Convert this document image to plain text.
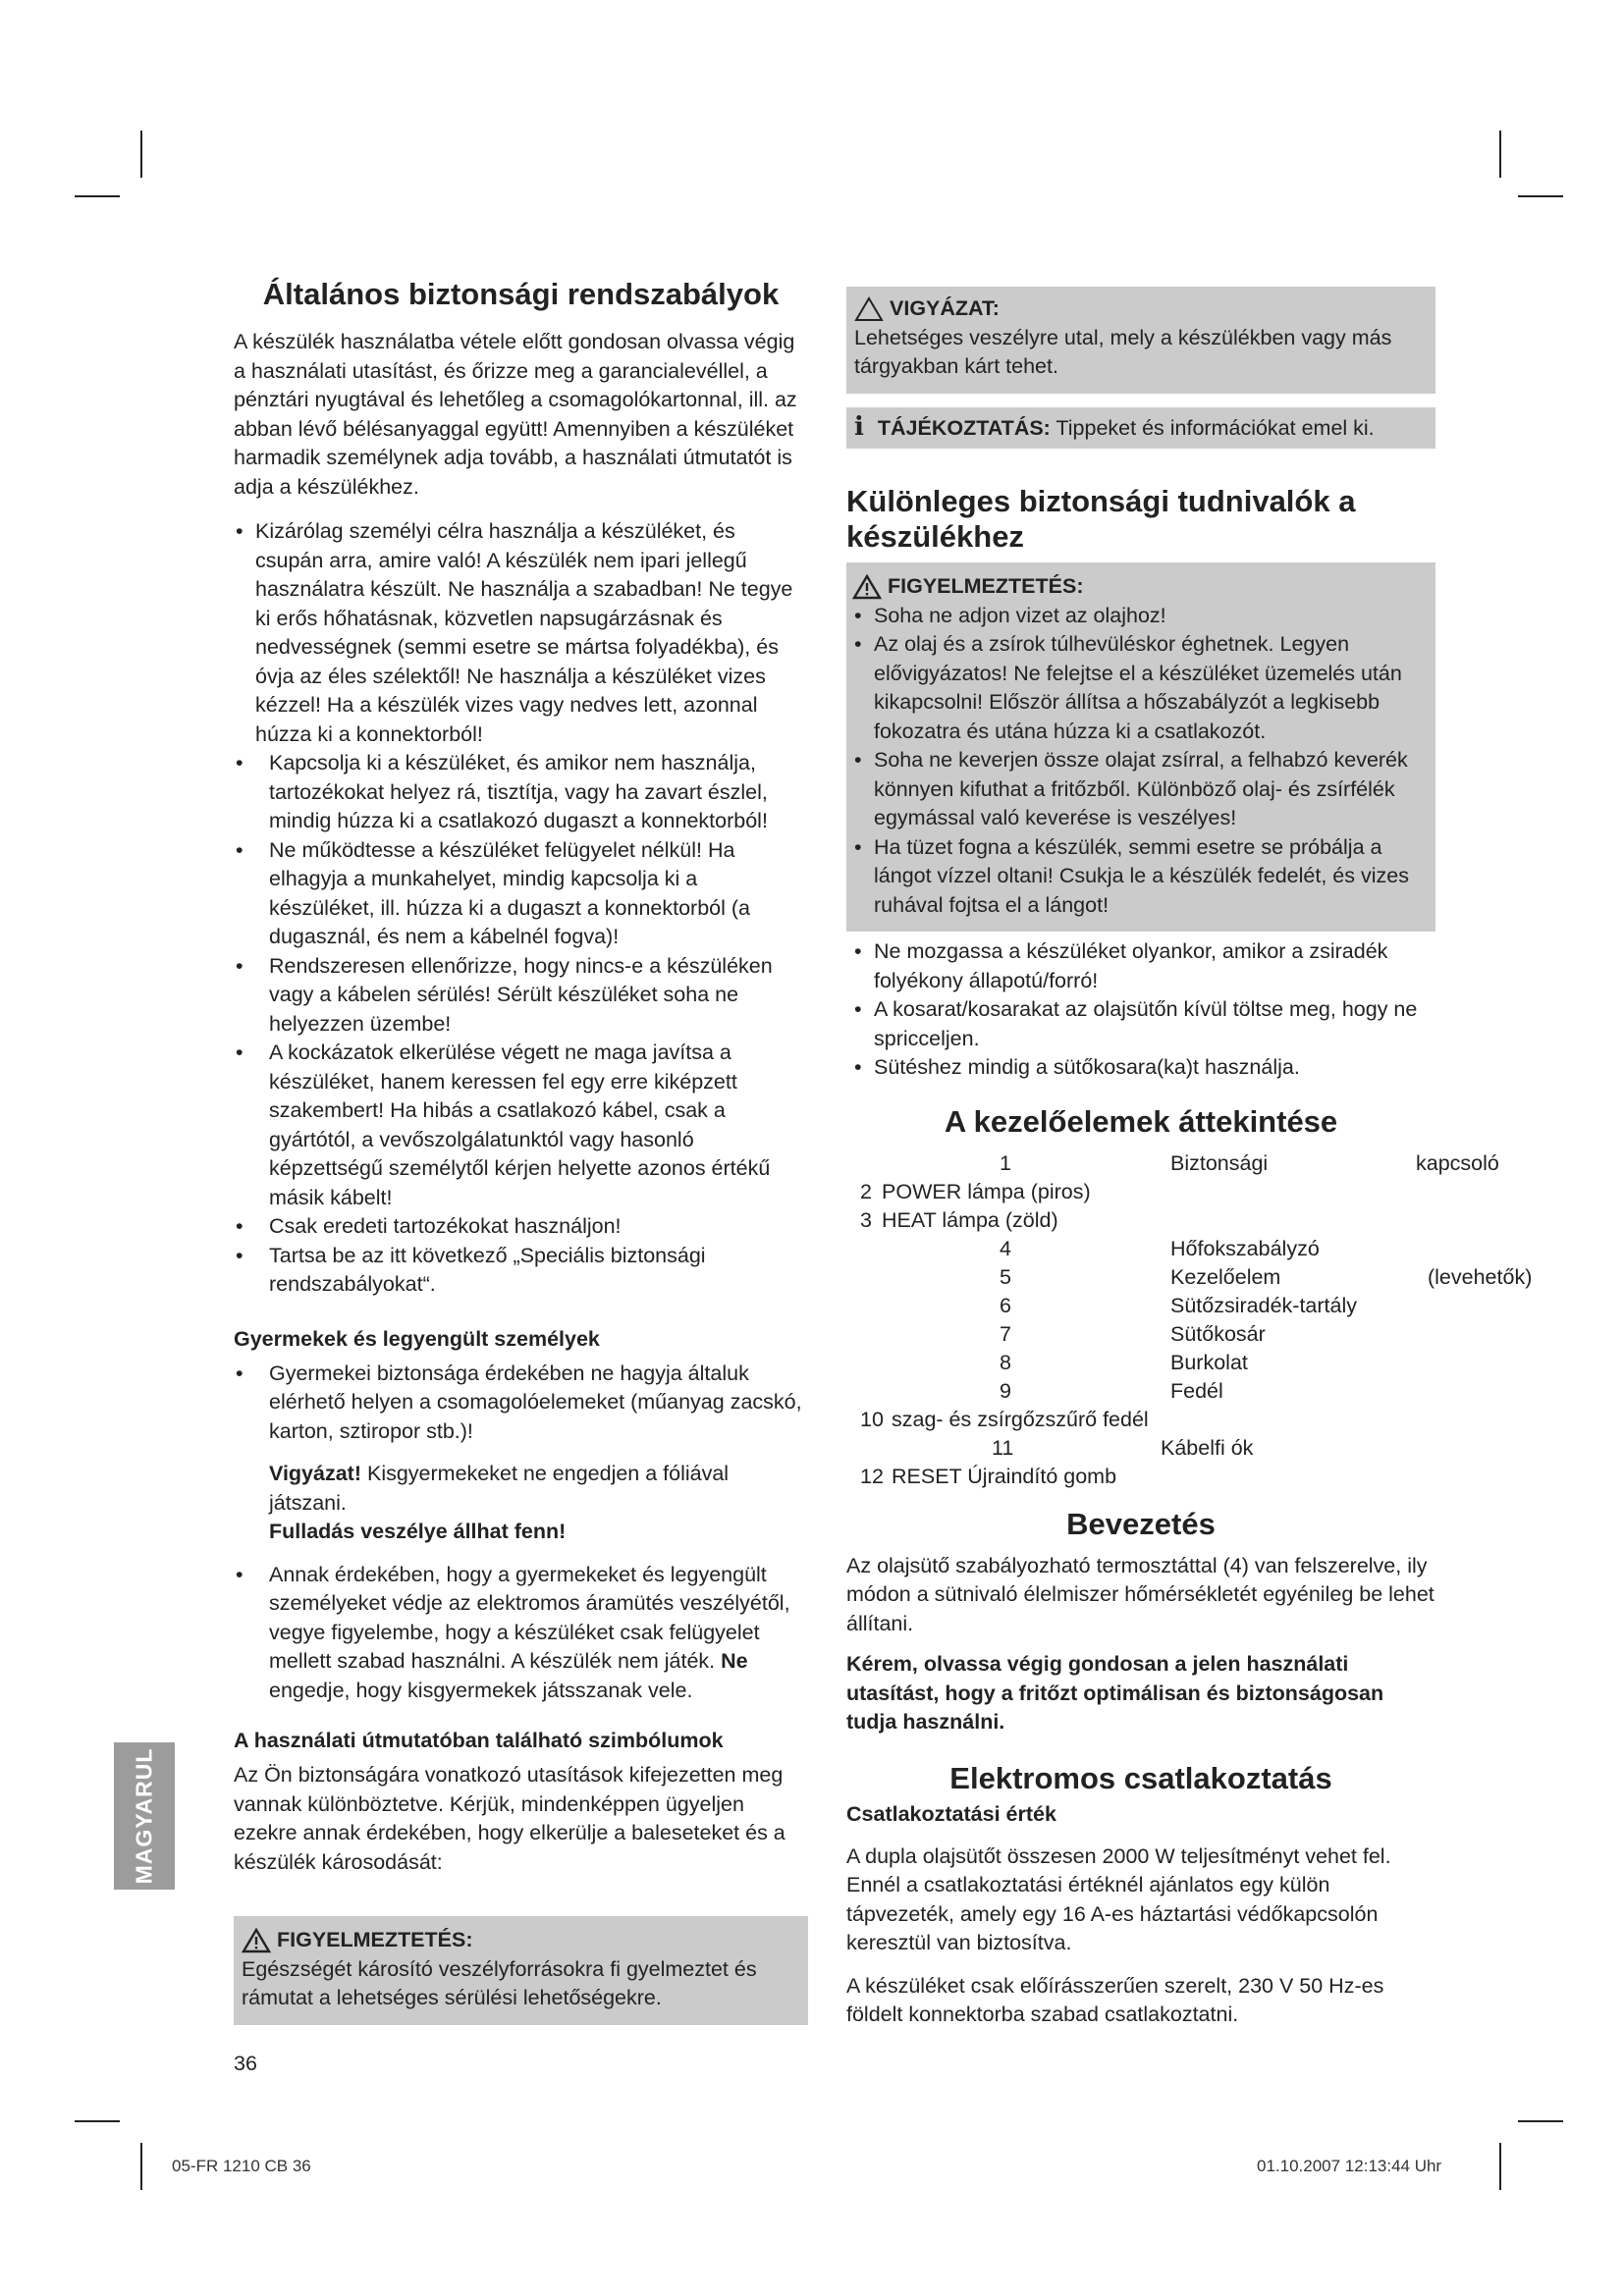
MAGYARUL
Általános biztonsági rendszabályok

A készülék használatba vétele előtt gondosan olvassa végig a használati utasítást, és őrizze meg a garancialevéllel, a pénztári nyugtával és lehetőleg a csomagolókartonnal, ill. az abban lévő bélésanyaggal együtt! Amennyiben a készüléket harmadik személynek adja tovább, a használati útmutatót is adja a készülékhez.

• Kizárólag személyi célra használja a készüléket, és csupán arra, amire való! A készülék nem ipari jellegű használatra készült. Ne használja a szabadban! Ne tegye ki erős hőhatásnak, közvetlen napsugárzásnak és nedvességnek (semmi esetre se mártsa folyadékba), és óvja az éles szélektől! Ne használja a készüléket vizes kézzel! Ha a készülék vizes vagy nedves lett, azonnal húzza ki a konnektorból!
• Kapcsolja ki a készüléket, és amikor nem használja, tartozékokat helyez rá, tisztítja, vagy ha zavart észlel, mindig húzza ki a csatlakozó dugaszt a konnektorból!
• Ne működtesse a készüléket felügyelet nélkül! Ha elhagyja a munkahelyet, mindig kapcsolja ki a készüléket, ill. húzza ki a dugaszt a konnektorból (a dugasznál, és nem a kábelnél fogva)!
• Rendszeresen ellenőrizze, hogy nincs-e a készüléken vagy a kábelen sérülés! Sérült készüléket soha ne helyezzen üzembe!
• A kockázatok elkerülése végett ne maga javítsa a készüléket, hanem keressen fel egy erre kiképzett szakembert! Ha hibás a csatlakozó kábel, csak a gyártótól, a vevőszolgálatunktól vagy hasonló képzettségű személytől kérjen helyette azonos értékű másik kábelt!
• Csak eredeti tartozékokat használjon!
• Tartsa be az itt következő „Speciális biztonsági rendszabályokat“.
Gyermekek és legyengült személyek
• Gyermekei biztonsága érdekében ne hagyja általuk elérhető helyen a csomagolóelemeket (műanyag zacskó, karton, sztiropor stb.)!

Vigyázat! Kisgyermekeket ne engedjen a fóliával játszani.
Fulladás veszélye állhat fenn!

• Annak érdekében, hogy a gyermekeket és legyengült személyeket védje az elektromos áramütés veszélyétől, vegye figyelembe, hogy a készüléket csak felügyelet mellett szabad használni. A készülék nem játék. Ne engedje, hogy kisgyermekek játsszanak vele.
A használati útmutatóban található szimbólumok

Az Ön biztonságára vonatkozó utasítások kifejezetten meg vannak különböztetve. Kérjük, mindenképpen ügyeljen ezekre annak érdekében, hogy elkerülje a baleseteket és a készülék károsodását:

FIGYELMEZTETÉS:

Egészségét károsító veszélyforrásokra fi gyelmeztet és rámutat a lehetséges sérülési lehetőségekre.

VIGYÁZAT:

Lehetséges veszélyre utal, mely a készülékben vagy más tárgyakban kárt tehet.

i TÁJÉKOZTATÁS: Tippeket és információkat emel ki.
Különleges biztonsági tudnivalók a készülékhez
FIGYELMEZTETÉS:
• Soha ne adjon vizet az olajhoz!
• Az olaj és a zsírok túlhevüléskor éghetnek. Legyen elővigyázatos! Ne felejtse el a készüléket üzemelés után kikapcsolni! Először állítsa a hőszabályzót a legkisebb fokozatra és utána húzza ki a csatlakozót.
• Soha ne keverjen össze olajat zsírral, a felhabzó keverék könnyen kifuthat a fritőzből. Különböző olaj- és zsírfélék egymással való keverése is veszélyes!
• Ha tüzet fogna a készülék, semmi esetre se próbálja a lángot vízzel oltani! Csukja le a készülék fedelét, és vizes ruhával fojtsa el a lángot!
• Ne mozgassa a készüléket olyankor, amikor a zsiradék folyékony állapotú/forró!
• A kosarat/kosarakat az olajsütőn kívül töltse meg, hogy ne spricceljen.
• Sütéshez mindig a sütőkosara(ka)t használja.
A kezelőelemek áttekintése
1	Biztonsági	kapcsoló
2 POWER lámpa (piros)
3 HEAT lámpa (zöld)
4	Hőfokszabályzó
5	Kezelőelem	(levehetők)
6	Sütőzsiradék-tartály
7	Sütőkosár
8	Burkolat
9	Fedél
10 szag- és zsírgőzszűrő fedél
11	Kábelfi ók
12 RESET Újraindító gomb
Bevezetés

Az olajsütő szabályozható termosztáttal (4) van felszerelve, ily módon a sütnivaló élelmiszer hőmérsékletét egyénileg be lehet állítani.

Kérem, olvassa végig gondosan a jelen használati utasítást, hogy a fritőzt optimálisan és biztonságosan tudja használni.

Elektromos csatlakoztatás
Csatlakoztatási érték

A dupla olajsütőt összesen 2000 W teljesítményt vehet fel. Ennél a csatlakoztatási értéknél ajánlatos egy külön tápvezeték, amely egy 16 A-es háztartási védőkapcsolón keresztül van biztosítva.

A készüléket csak előírásszerűen szerelt, 230 V 50 Hz-es földelt konnektorba szabad csatlakoztatni.

36
05-FR 1210 CB 36	01.10.2007 12:13:44 Uhr
